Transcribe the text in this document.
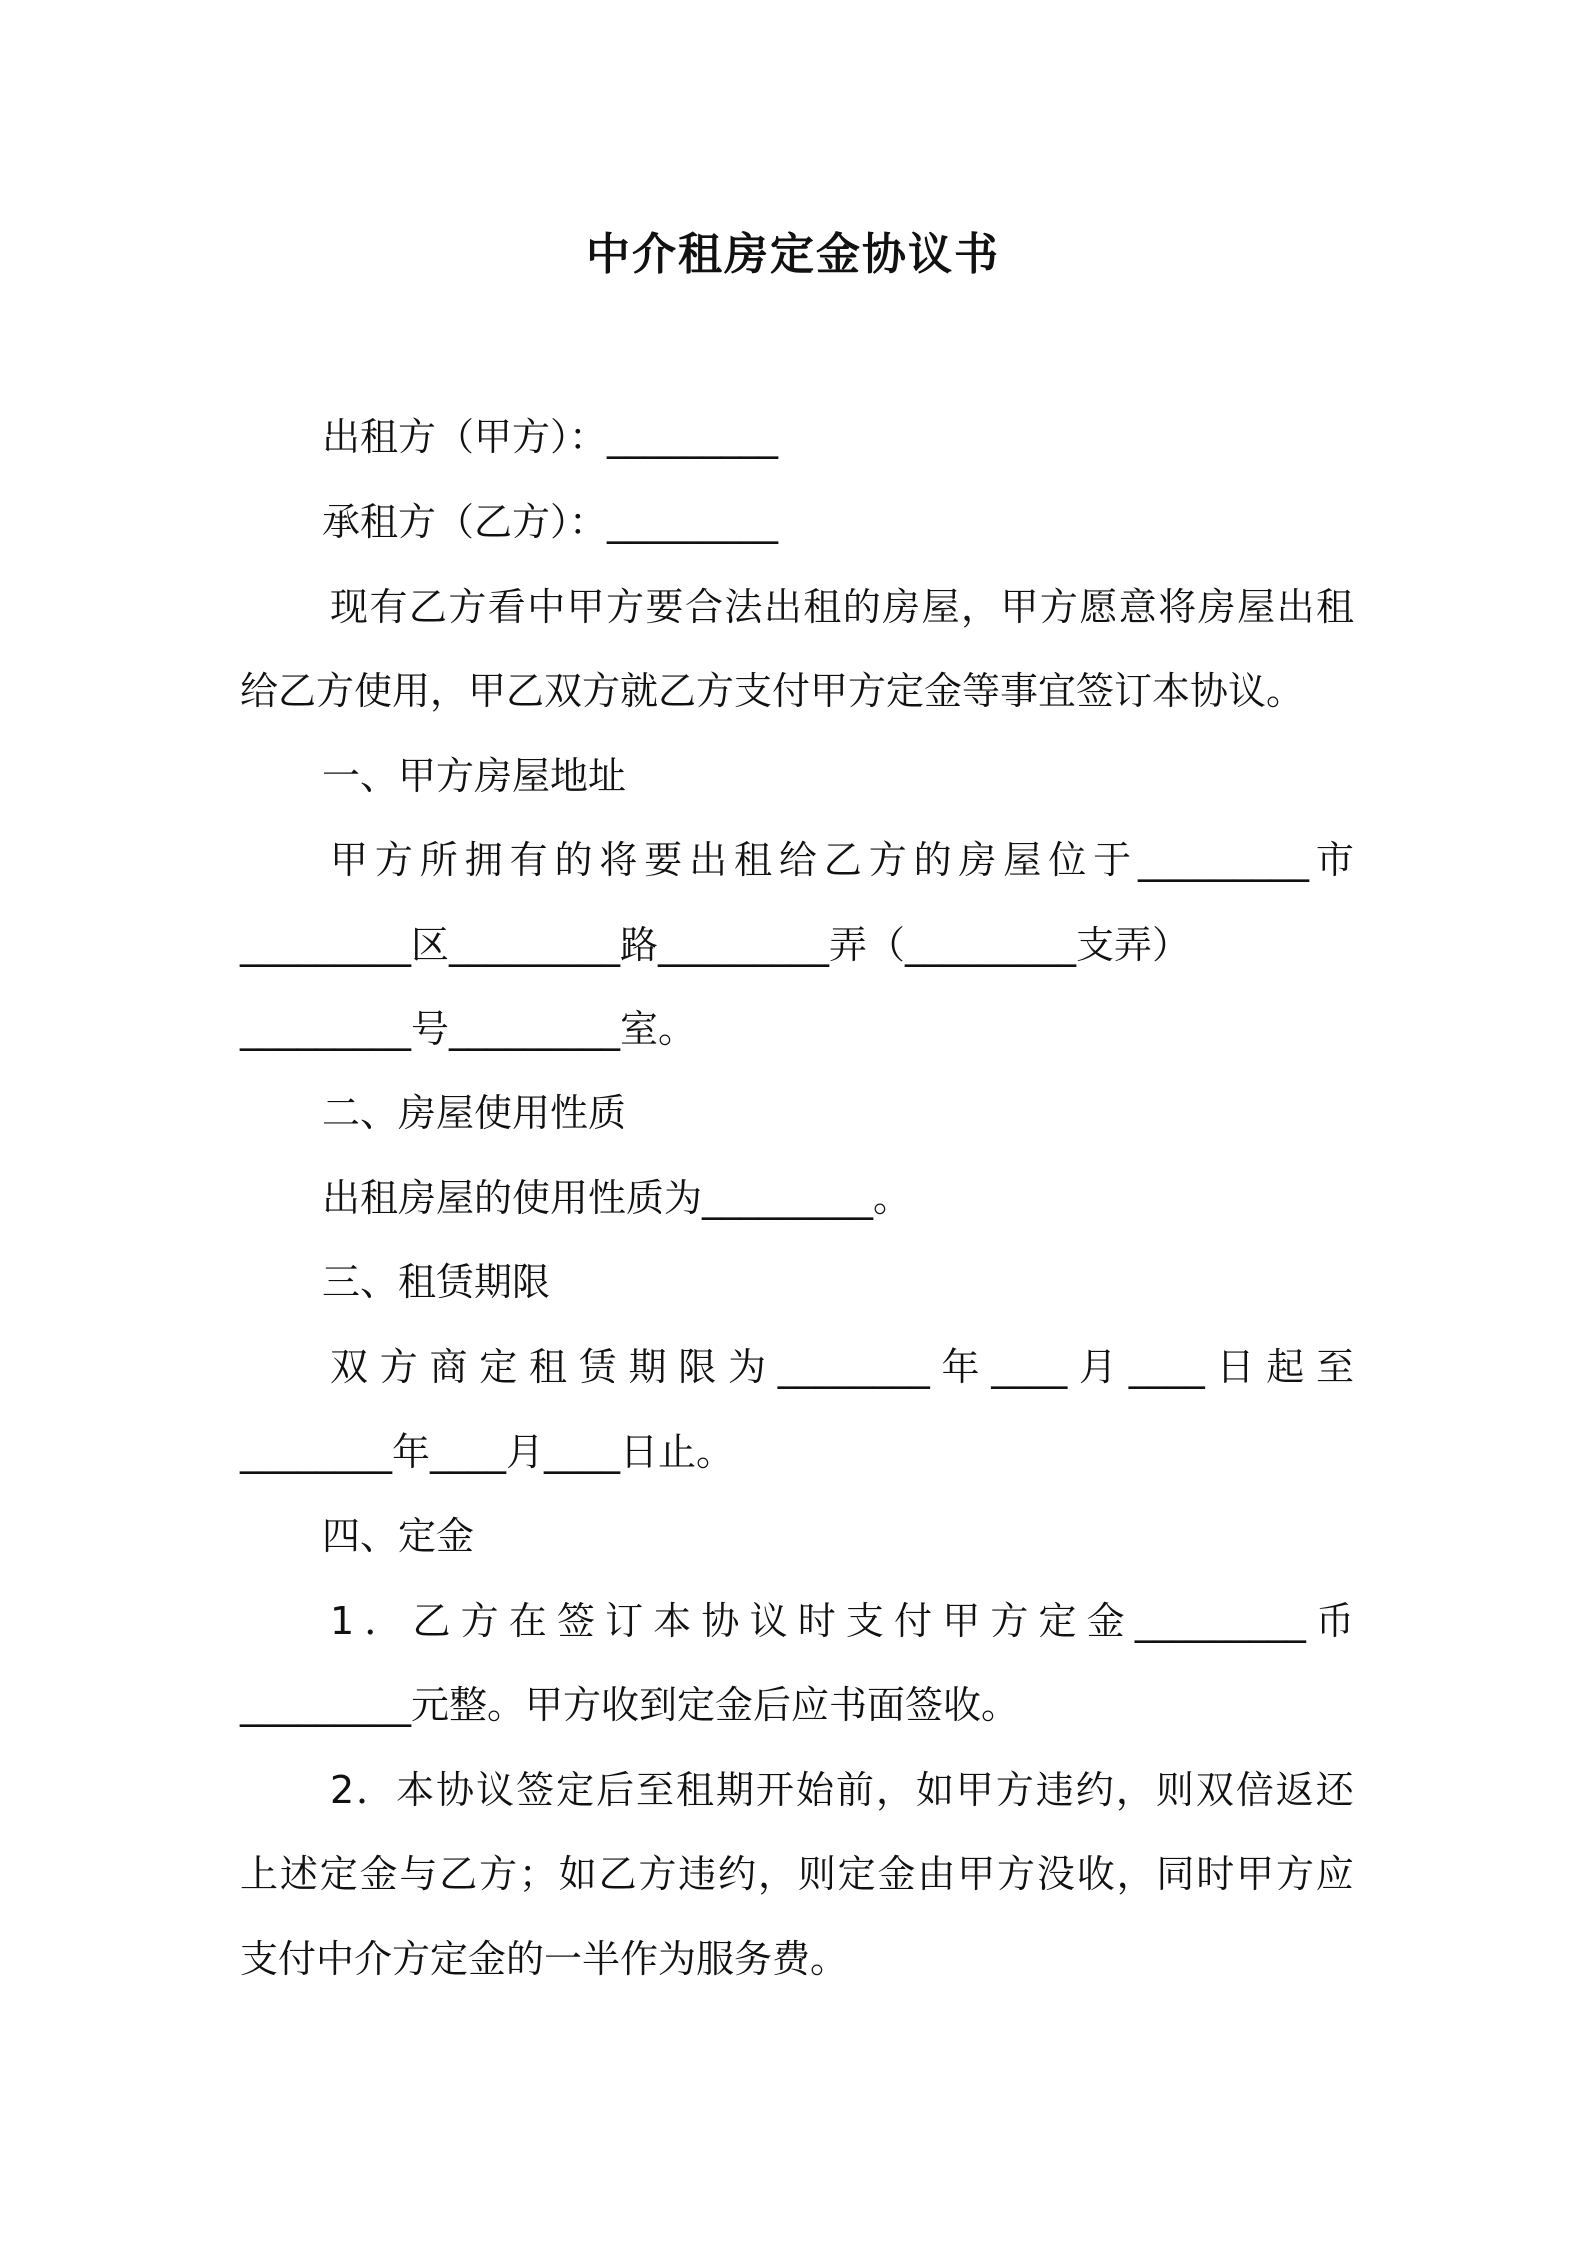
中介租房定金协议书
出租方（甲方）：_________
承租方（乙方）：_________
现 有 乙 方 看 中 甲 方 要 合 法 出 租 的 房 屋 ， 甲 方 愿 意 将 房 屋 出 租
给乙方使用，甲乙双方就乙方支付甲方定金等事宜签订本协议。
一、甲方房屋地址
甲 方 所 拥 有 的 将 要 出 租 给 乙 方 的 房 屋 位 于 _________ 市
_________区_________路_________弄（_________支弄）
_________号_________室。
二、房屋使用性质
出租房屋的使用性质为_________。
三、租赁期限
双 方 商 定 租 赁 期 限 为 ________ 年 ____ 月 ____ 日 起 至
________年____月____日止。
四、定金
1 ． 乙 方 在 签 订 本 协 议 时 支 付 甲 方 定 金 _________ 币
_________元整。甲方收到定金后应书面签收。
2 ． 本 协 议 签 定 后 至 租 期 开 始 前 ， 如 甲 方 违 约 ， 则 双 倍 返 还
上 述 定 金 与 乙 方 ； 如 乙 方 违 约 ， 则 定 金 由 甲 方 没 收 ， 同 时 甲 方 应
支付中介方定金的一半作为服务费。
